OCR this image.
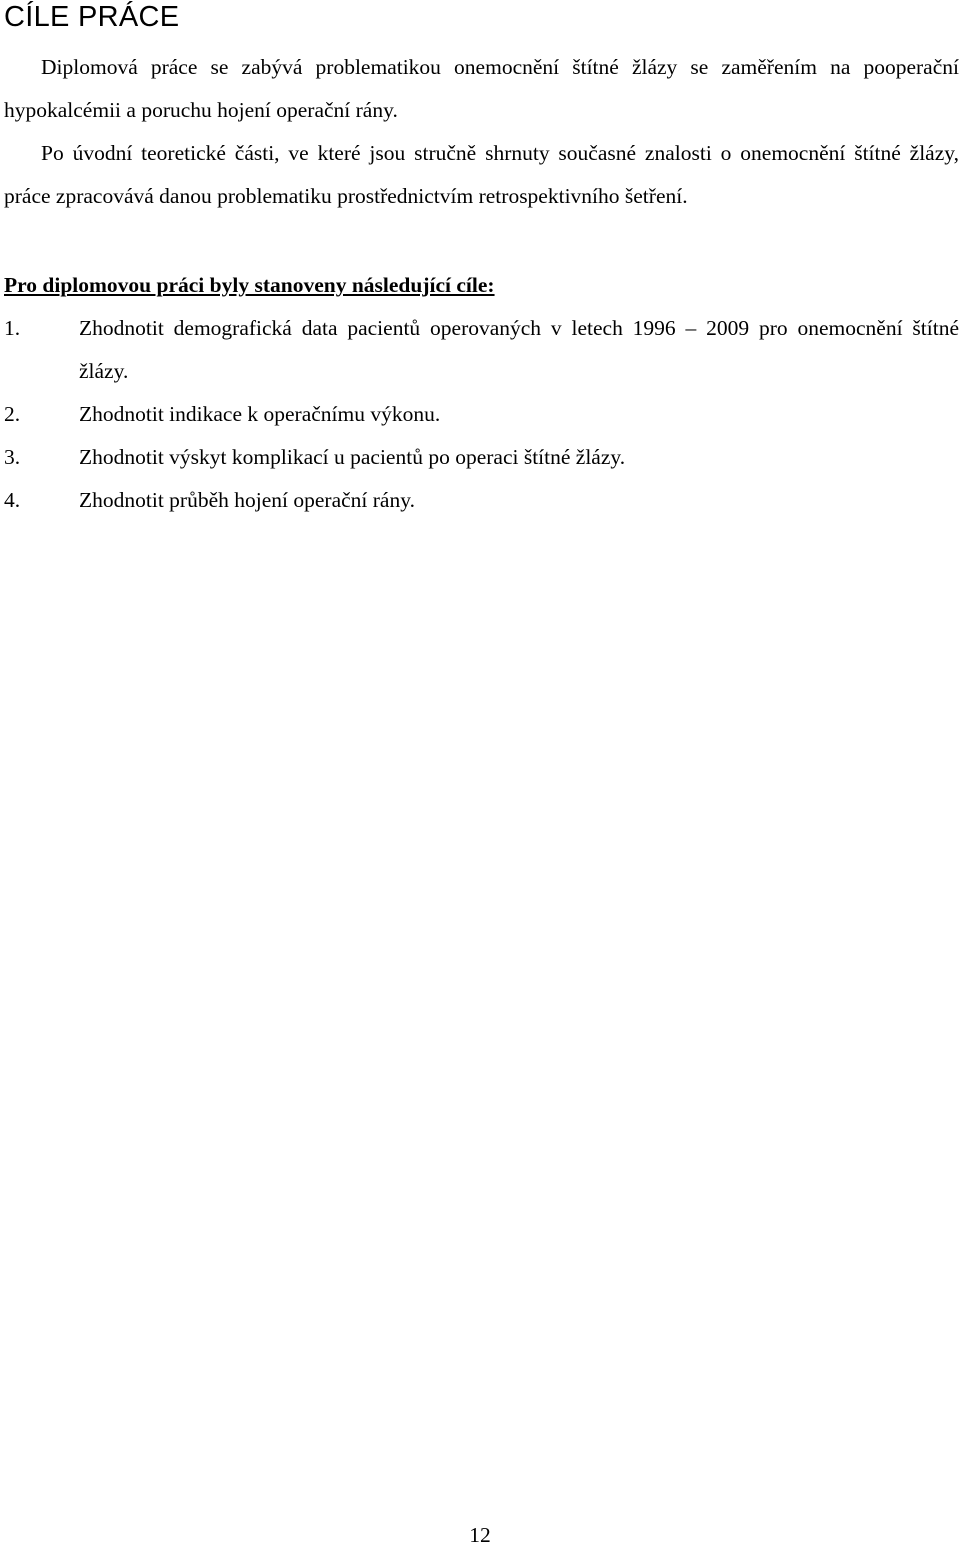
CÍLE PRÁCE

Diplomová práce se zabývá problematikou onemocnění štítné žlázy se zaměřením na pooperační hypokalcémii a poruchu hojení operační rány.

Po úvodní teoretické části, ve které jsou stručně shrnuty současné znalosti o onemocnění štítné žlázy, práce zpracovává danou problematiku prostřednictvím retrospektivního šetření.

Pro diplomovou práci byly stanoveny následující cíle:

1.	Zhodnotit demografická data pacientů operovaných v letech 1996 – 2009 pro onemocnění štítné žlázy.
2.	Zhodnotit indikace k operačnímu výkonu.
3.	Zhodnotit výskyt komplikací u pacientů po operaci štítné žlázy.
4.	Zhodnotit průběh hojení operační rány.
12
